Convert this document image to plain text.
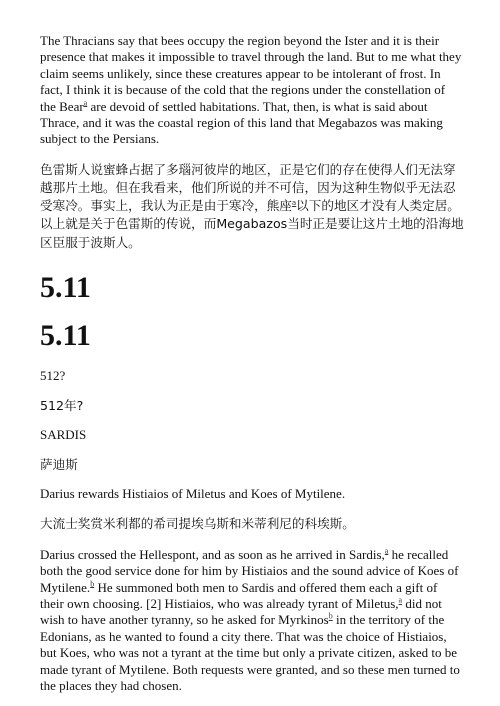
The Thracians say that bees occupy the region beyond the Ister and it is their presence that makes it impossible to travel through the land. But to me what they claim seems unlikely, since these creatures appear to be intolerant of frost. In fact, I think it is because of the cold that the regions under the constellation of the Bear$^a$ are devoid of settled habitations. That, then, is what is said about Thrace, and it was the coastal region of this land that Megabazos was making subject to the Persians.

色雷斯人说蜜蜂占据了多瑙河彼岸的地区，正是它们的存在使得人们无法穿越那片土地。但在我看来，他们所说的并不可信，因为这种生物似乎无法忍受寒冷。事实上，我认为正是由于寒冷，熊座$^a$以下的地区才没有人类定居。以上就是关于色雷斯的传说，而Megabazos当时正是要让这片土地的沿海地区臣服于波斯人。

5.11
5.11

512?

512年?

SARDIS

萨迪斯

Darius rewards Histiaios of Miletus and Koes of Mytilene.

大流士奖赏米利都的希司提埃乌斯和米蒂利尼的科埃斯。

Darius crossed the Hellespont, and as soon as he arrived in Sardis,$^a$ he recalled both the good service done for him by Histiaios and the sound advice of Koes of Mytilene.$^b$ He summoned both men to Sardis and offered them each a gift of their own choosing. [2] Histiaios, who was already tyrant of Miletus,$^a$ did not wish to have another tyranny, so he asked for Myrkinos$^b$ in the territory of the Edonians, as he wanted to found a city there. That was the choice of Histiaios, but Koes, who was not a tyrant at the time but only a private citizen, asked to be made tyrant of Mytilene. Both requests were granted, and so these men turned to the places they had chosen.
